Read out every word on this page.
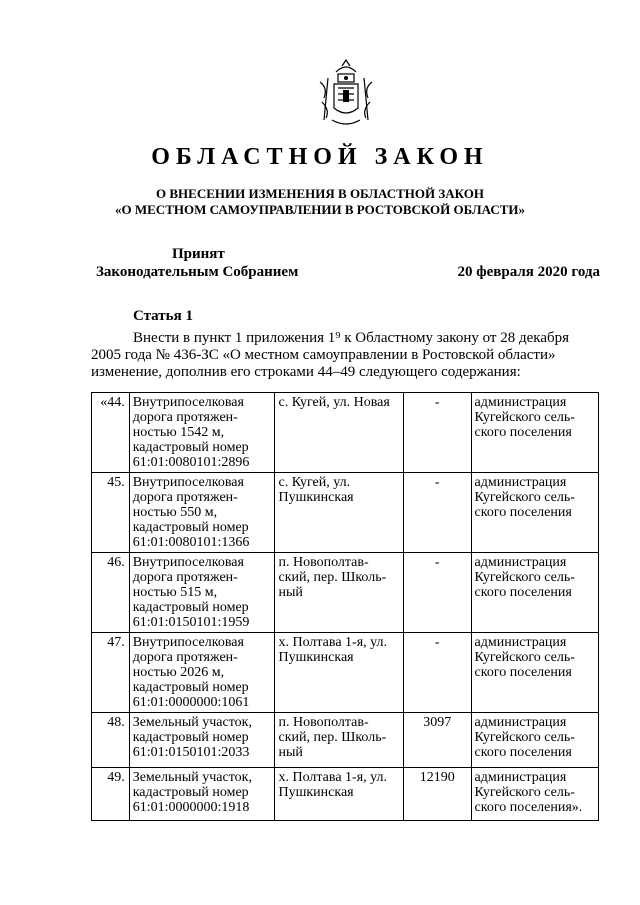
ОБЛАСТНОЙ ЗАКОН
О ВНЕСЕНИИ ИЗМЕНЕНИЯ В ОБЛАСТНОЙ ЗАКОН
«О МЕСТНОМ САМОУПРАВЛЕНИИ В РОСТОВСКОЙ ОБЛАСТИ»
Принят
Законодательным Собранием	20 февраля 2020 года
Статья 1
Внести в пункт 1 приложения 1⁹ к Областному закону от 28 декабря
2005 года № 436-ЗС «О местном самоуправлении в Ростовской области»
изменение, дополнив его строками 44–49 следующего содержания:
«44.	Внутрипоселковая дорога протяжен-ностью 1542 м, кадастровый номер 61:01:0080101:2896	с. Кугей, ул. Новая	-	администрация Кугейского сель-ского поселения
45.	Внутрипоселковая дорога протяжен-ностью 550 м, кадастровый номер 61:01:0080101:1366	с. Кугей, ул. Пушкинская	-	администрация Кугейского сель-ского поселения
46.	Внутрипоселковая дорога протяжен-ностью 515 м, кадастровый номер 61:01:0150101:1959	п. Новополтав-ский, пер. Школь-ный	-	администрация Кугейского сель-ского поселения
47.	Внутрипоселковая дорога протяжен-ностью 2026 м, кадастровый номер 61:01:0000000:1061	х. Полтава 1-я, ул. Пушкинская	-	администрация Кугейского сель-ского поселения
48.	Земельный участок, кадастровый номер 61:01:0150101:2033	п. Новополтав-ский, пер. Школь-ный	3097	администрация Кугейского сель-ского поселения
49.	Земельный участок, кадастровый номер 61:01:0000000:1918	х. Полтава 1-я, ул. Пушкинская	12190	администрация Кугейского сель-ского поселения».
